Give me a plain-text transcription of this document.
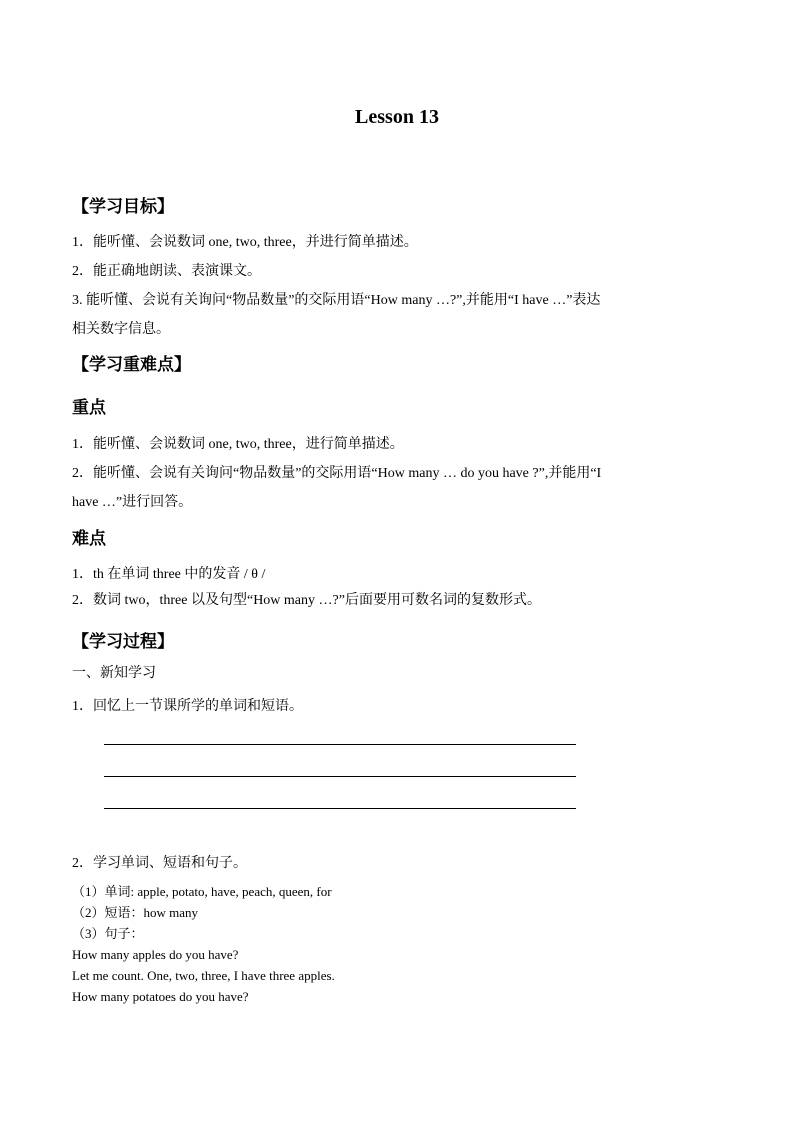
Lesson 13
【学习目标】
1．能听懂、会说数词 one, two, three，并进行简单描述。
2．能正确地朗读、表演课文。
3. 能听懂、会说有关询问“物品数量”的交际用语“How many …?”,并能用“I have …”表达
相关数字信息。
【学习重难点】
重点
1．能听懂、会说数词 one, two, three，进行简单描述。
2．能听懂、会说有关询问“物品数量”的交际用语“How many … do you have ?”,并能用“I
have …”进行回答。
难点
1．th 在单词 three 中的发音 / θ /
2．数词 two，three 以及句型“How many …?”后面要用可数名词的复数形式。
【学习过程】
一、新知学习
1．回忆上一节课所学的单词和短语。
2．学习单词、短语和句子。
（1）单词: apple, potato, have, peach, queen, for
（2）短语：how many
（3）句子：
How many apples do you have?
Let me count. One, two, three, I have three apples.
How many potatoes do you have?
